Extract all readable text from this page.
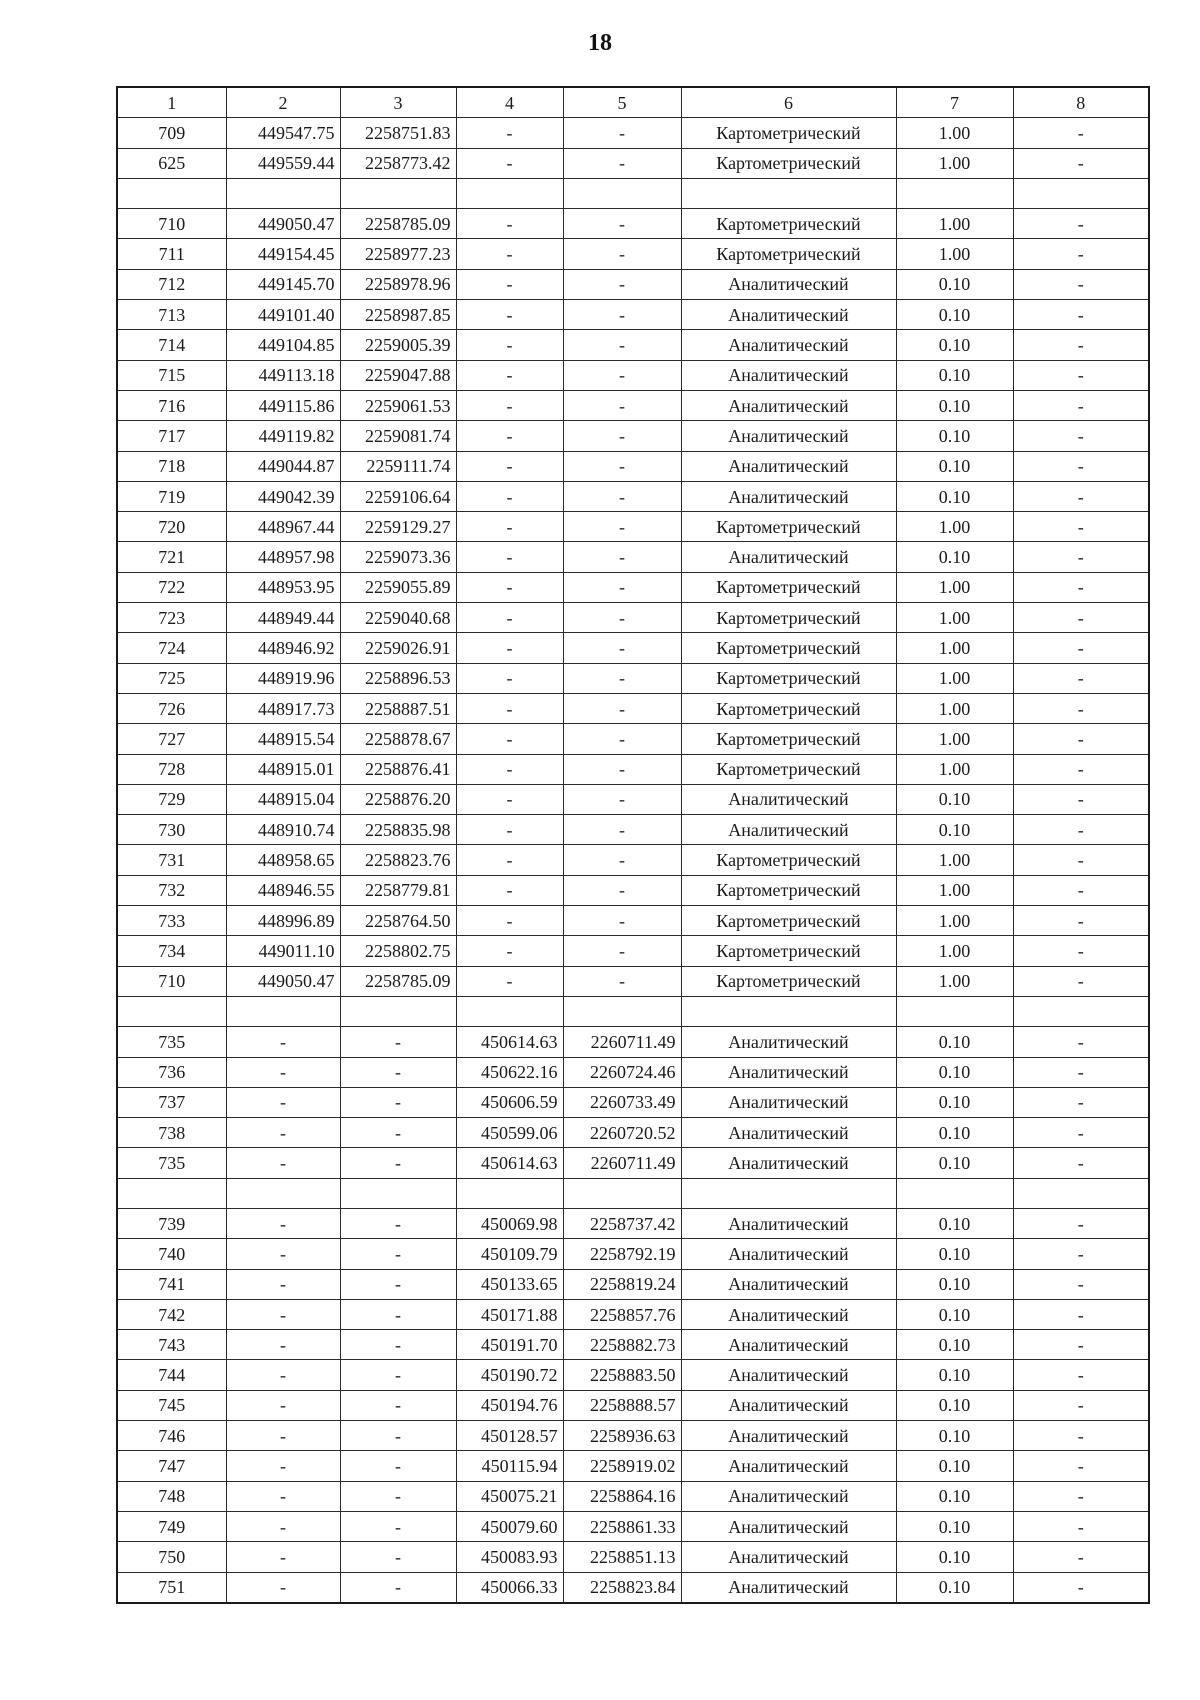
18
1	2	3	4	5	6	7	8
709	449547.75	2258751.83	-	-	Картометрический	1.00	-
625	449559.44	2258773.42	-	-	Картометрический	1.00	-

710	449050.47	2258785.09	-	-	Картометрический	1.00	-
711	449154.45	2258977.23	-	-	Картометрический	1.00	-
712	449145.70	2258978.96	-	-	Аналитический	0.10	-
713	449101.40	2258987.85	-	-	Аналитический	0.10	-
714	449104.85	2259005.39	-	-	Аналитический	0.10	-
715	449113.18	2259047.88	-	-	Аналитический	0.10	-
716	449115.86	2259061.53	-	-	Аналитический	0.10	-
717	449119.82	2259081.74	-	-	Аналитический	0.10	-
718	449044.87	2259111.74	-	-	Аналитический	0.10	-
719	449042.39	2259106.64	-	-	Аналитический	0.10	-
720	448967.44	2259129.27	-	-	Картометрический	1.00	-
721	448957.98	2259073.36	-	-	Аналитический	0.10	-
722	448953.95	2259055.89	-	-	Картометрический	1.00	-
723	448949.44	2259040.68	-	-	Картометрический	1.00	-
724	448946.92	2259026.91	-	-	Картометрический	1.00	-
725	448919.96	2258896.53	-	-	Картометрический	1.00	-
726	448917.73	2258887.51	-	-	Картометрический	1.00	-
727	448915.54	2258878.67	-	-	Картометрический	1.00	-
728	448915.01	2258876.41	-	-	Картометрический	1.00	-
729	448915.04	2258876.20	-	-	Аналитический	0.10	-
730	448910.74	2258835.98	-	-	Аналитический	0.10	-
731	448958.65	2258823.76	-	-	Картометрический	1.00	-
732	448946.55	2258779.81	-	-	Картометрический	1.00	-
733	448996.89	2258764.50	-	-	Картометрический	1.00	-
734	449011.10	2258802.75	-	-	Картометрический	1.00	-
710	449050.47	2258785.09	-	-	Картометрический	1.00	-

735	-	-	450614.63	2260711.49	Аналитический	0.10	-
736	-	-	450622.16	2260724.46	Аналитический	0.10	-
737	-	-	450606.59	2260733.49	Аналитический	0.10	-
738	-	-	450599.06	2260720.52	Аналитический	0.10	-
735	-	-	450614.63	2260711.49	Аналитический	0.10	-

739	-	-	450069.98	2258737.42	Аналитический	0.10	-
740	-	-	450109.79	2258792.19	Аналитический	0.10	-
741	-	-	450133.65	2258819.24	Аналитический	0.10	-
742	-	-	450171.88	2258857.76	Аналитический	0.10	-
743	-	-	450191.70	2258882.73	Аналитический	0.10	-
744	-	-	450190.72	2258883.50	Аналитический	0.10	-
745	-	-	450194.76	2258888.57	Аналитический	0.10	-
746	-	-	450128.57	2258936.63	Аналитический	0.10	-
747	-	-	450115.94	2258919.02	Аналитический	0.10	-
748	-	-	450075.21	2258864.16	Аналитический	0.10	-
749	-	-	450079.60	2258861.33	Аналитический	0.10	-
750	-	-	450083.93	2258851.13	Аналитический	0.10	-
751	-	-	450066.33	2258823.84	Аналитический	0.10	-
